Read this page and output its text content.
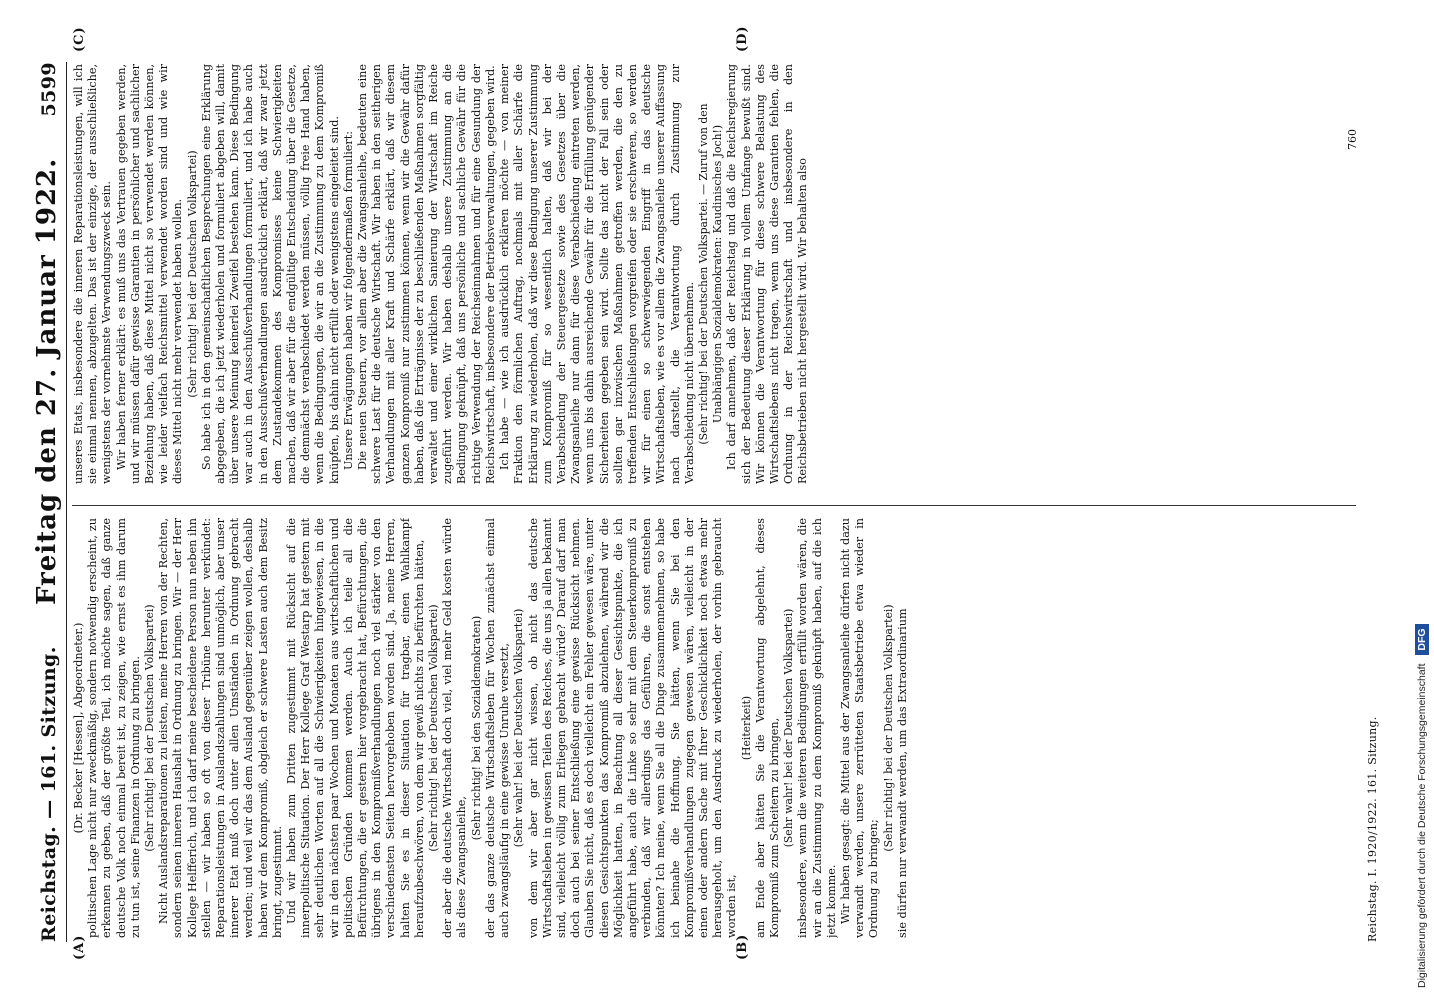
Reichstag. — 161. Sitzung.
Freitag den 27. Januar 1922.
5599
(A)	(B)
(C)	(D)

(Dr. Becker [Hessen], Abgeordneter.) politischen Lage nicht nur zweckmäßig, sondern notwendig erscheint, zu erkennen zu geben, daß der größte Teil, ich möchte sagen, daß ganze deutsche Volk noch einmal bereit ist, zu zeigen, wie ernst es ihm darum zu tun ist, seine Finanzen in Ordnung zu bringen. (Sehr richtig! bei der Deutschen Volkspartei) Nicht Auslandsreparationen zu leisten, meine Herren von der Rechten, sondern seinen inneren Haushalt in Ordnung zu bringen. Wir — der Herr Kollege Helfferich, und ich darf meine bescheidene Person nun neben ihn stellen — wir haben so oft von dieser Tribüne herunter verkündet: Reparationsleistungen in Auslandszahlungen sind unmöglich, aber unser innerer Etat muß doch unter allen Umständen in Ordnung gebracht werden; und weil wir das dem Ausland gegenüber zeigen wollen, deshalb haben wir dem Kompromiß, obgleich er schwere Lasten auch dem Besitz bringt, zugestimmt. Und wir haben zum Dritten zugestimmt mit Rücksicht auf die innerpolitische Situation. Der Herr Kollege Graf Westarp hat gestern mit sehr deutlichen Worten auf all die Schwierigkeiten hingewiesen, in die wir in den nächsten paar Wochen und Monaten aus wirtschaftlichen und politischen Gründen kommen werden. Auch ich teile all die Befürchtungen, die er gestern hier vorgebracht hat, Befürchtungen, die übrigens in den Kompromißverhandlungen noch viel stärker von den verschiedensten Seiten hervorgehoben worden sind. Ja, meine Herren, halten Sie es in dieser Situation für tragbar, einen Wahlkampf heraufzubeschwören, von dem wir gewiß nichts zu befürchten hätten, (Sehr richtig! bei der Deutschen Volkspartei) der aber die deutsche Wirtschaft doch viel, viel mehr Geld kosten würde als diese Zwangsanleihe,

(Sehr richtig! bei den Sozialdemokraten) der das ganze deutsche Wirtschaftsleben für Wochen zunächst einmal auch zwangsläufig in eine gewisse Unruhe versetzt, (Sehr wahr! bei der Deutschen Volkspartei) von dem wir aber gar nicht wissen, ob nicht das deutsche Wirtschaftsleben in gewissen Teilen des Reiches, die uns ja allen bekannt sind, vielleicht völlig zum Erliegen gebracht würde? Darauf darf man doch auch bei seiner Entschließung eine gewisse Rücksicht nehmen. Glauben Sie nicht, daß es doch vielleicht ein Fehler gewesen wäre, unter diesen Gesichtspunkten das Kompromiß abzulehnen, während wir die Möglichkeit hatten, in Beachtung all dieser Gesichtspunkte, die ich angeführt habe, auch die Linke so sehr mit dem Steuerkompromiß zu verbinden, daß wir allerdings das Geführen, die sonst entstehen könnten? Ich meine, wenn Sie all die Dinge zusammennehmen, so habe ich beinahe die Hoffnung, Sie hätten, wenn Sie bei den Kompromißverhandlungen zugegen gewesen wären, vielleicht in der einen oder andern Sache mit Ihrer Geschicklichkeit noch etwas mehr herausgeholt, um den Ausdruck zu wiederholen, der vorhin gebraucht worden ist,

(Heiterkeit) am Ende aber hätten Sie die Verantwortung abgelehnt, dieses Kompromiß zum Scheitern zu bringen, (Sehr wahr! bei der Deutschen Volkspartei) insbesondere, wenn die weiteren Bedingungen erfüllt worden wären, die wir an die Zustimmung zu dem Kompromiß geknüpft haben, auf die ich jetzt komme. Wir haben gesagt: die Mittel aus der Zwangsanleihe dürfen nicht dazu verwandt werden, unsere zerrütteten Staatsbetriebe etwa wieder in Ordnung zu bringen;

(Sehr richtig! bei der Deutschen Volkspartei) sie dürfen nur verwandt werden, um das Extraordinarium

unseres Etats, insbesondere die inneren Reparationsleistungen, will ich sie einmal nennen, abzugelten. Das ist der einzige, der ausschließliche, wenigstens der vornehmste Verwendungszweck sein. Wir haben ferner erklärt: es muß uns das Vertrauen gegeben werden, und wir müssen dafür gewisse Garantien in persönlicher und sachlicher Beziehung haben, daß diese Mittel nicht so verwendet werden können, wie leider vielfach Reichsmittel verwendet worden sind und wie wir dieses Mittel nicht mehr verwendet haben wollen. (Sehr richtig! bei der Deutschen Volkspartei) So habe ich in den gemeinschaftlichen Besprechungen eine Erklärung abgegeben, die ich jetzt wiederholen und formuliert abgeben will, damit über unsere Meinung keinerlei Zweifel bestehen kann. Diese Bedingung war auch in den Ausschußverhandlungen formuliert, und ich habe auch in den Ausschußverhandlungen ausdrücklich erklärt, daß wir zwar jetzt dem Zustandekommen des Kompromisses keine Schwierigkeiten machen, daß wir aber für die endgültige Entscheidung über die Gesetze, die demnächst verabschiedet werden müssen, völlig freie Hand haben, wenn die Bedingungen, die wir an die Zustimmung zu dem Kompromiß knüpfen, bis dahin nicht erfüllt oder wenigstens eingeleitet sind. Unsere Erwägungen haben wir folgendermaßen formuliert: Die neuen Steuern, vor allem aber die Zwangsanleihe, bedeuten eine schwere Last für die deutsche Wirtschaft. Wir haben in den seitherigen Verhandlungen mit aller Kraft und Schärfe erklärt, daß wir diesem ganzen Kompromiß nur zustimmen können, wenn wir die Gewähr dafür haben, daß die Erträgnisse der zu beschließenden Maßnahmen sorgfältig verwaltet und einer wirklichen Sanierung der Wirtschaft im Reiche zugeführt werden. Wir haben deshalb unsere Zustimmung an die Bedingung geknüpft, daß uns persönliche und sachliche Gewähr für die richtige Verwendung der Reichseinnahmen und für eine Gesundung der Reichswirtschaft, insbesondere der Betriebsverwaltungen, gegeben wird. Ich habe — wie ich ausdrücklich erklären möchte — von meiner Fraktion den förmlichen Auftrag, nochmals mit aller Schärfe die Erklärung zu wiederholen, daß wir diese Bedingung unserer Zustimmung zum Kompromiß für so wesentlich halten, daß wir bei der Verabschiedung der Steuergesetze sowie des Gesetzes über die Zwangsanleihe nur dann für diese Verabschiedung eintreten werden, wenn uns bis dahin ausreichende Gewähr für die Erfüllung genügender Sicherheiten gegeben sein wird. Sollte das nicht der Fall sein oder sollten gar inzwischen Maßnahmen getroffen werden, die den zu treffenden Entschließungen vorgreifen oder sie erschweren, so werden wir für einen so schwerwiegenden Eingriff in das deutsche Wirtschaftsleben, wie es vor allem die Zwangsanleihe unserer Auffassung nach darstellt, die Verantwortung durch Zustimmung zur Verabschiedung nicht übernehmen. (Sehr richtig! bei der Deutschen Volkspartei. — Zuruf von den Unabhängigen Sozialdemokraten: Kaudinisches Joch!) Ich darf annehmen, daß der Reichstag und daß die Reichsregierung sich der Bedeutung dieser Erklärung in vollem Umfange bewußt sind. Wir können die Verantwortung für diese schwere Belastung des Wirtschaftslebens nicht tragen, wenn uns diese Garantien fehlen, die Ordnung in der Reichswirtschaft und insbesondere in den Reichsbetrieben nicht hergestellt wird. Wir behalten also

760
Reichstag. I. 1920/1922. 161. Sitzung.	Digitalisierung gefördert durch die Deutsche Forschungsgemeinschaft DFG
